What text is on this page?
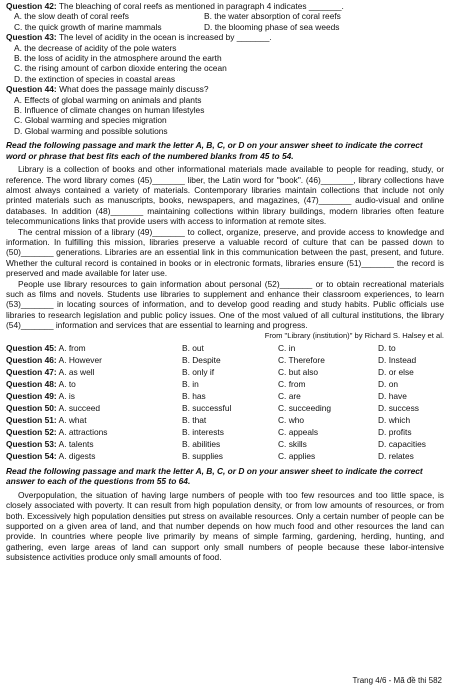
Question 42: The bleaching of coral reefs as mentioned in paragraph 4 indicates _______.
A. the slow death of coral reefs	B. the water absorption of coral reefs
C. the quick growth of marine mammals	D. the blooming phase of sea weeds
Question 43: The level of acidity in the ocean is increased by _______.
A. the decrease of acidity of the pole waters
B. the loss of acidity in the atmosphere around the earth
C. the rising amount of carbon dioxide entering the ocean
D. the extinction of species in coastal areas
Question 44: What does the passage mainly discuss?
A. Effects of global warming on animals and plants
B. Influence of climate changes on human lifestyles
C. Global warming and species migration
D. Global warming and possible solutions
Read the following passage and mark the letter A, B, C, or D on your answer sheet to indicate the correct word or phrase that best fits each of the numbered blanks from 45 to 54.

Library is a collection of books and other informational materials made available to people for reading, study, or reference. The word library comes (45)_______ liber, the Latin word for "book". (46)_______, library collections have almost always contained a variety of materials. Contemporary libraries maintain collections that include not only printed materials such as manuscripts, books, newspapers, and magazines, (47)_______ audio-visual and online databases. In addition (48)_______ maintaining collections within library buildings, modern libraries often feature telecommunications links that provide users with access to information at remote sites.

The central mission of a library (49)_______ to collect, organize, preserve, and provide access to knowledge and information. In fulfilling this mission, libraries preserve a valuable record of culture that can be passed down to (50)_______ generations. Libraries are an essential link in this communication between the past, present, and future. Whether the cultural record is contained in books or in electronic formats, libraries ensure (51)_______ the record is preserved and made available for later use.

People use library resources to gain information about personal (52)_______ or to obtain recreational materials such as films and novels. Students use libraries to supplement and enhance their classroom experiences, to learn (53)_______ in locating sources of information, and to develop good reading and study habits. Public officials use libraries to research legislation and public policy issues. One of the most valued of all cultural institutions, the library (54)_______ information and services that are essential to learning and progress.

From "Library (institution)" by Richard S. Halsey et al.
Question 45: A. from	B. out	C. in	D. to
Question 46: A. However	B. Despite	C. Therefore	D. Instead
Question 47: A. as well	B. only if	C. but also	D. or else
Question 48: A. to	B. in	C. from	D. on
Question 49: A. is	B. has	C. are	D. have
Question 50: A. succeed	B. successful	C. succeeding	D. success
Question 51: A. what	B. that	C. who	D. which
Question 52: A. attractions	B. interests	C. appeals	D. profits
Question 53: A. talents	B. abilities	C. skills	D. capacities
Question 54: A. digests	B. supplies	C. applies	D. relates
Read the following passage and mark the letter A, B, C, or D on your answer sheet to indicate the correct answer to each of the questions from 55 to 64.

Overpopulation, the situation of having large numbers of people with too few resources and too little space, is closely associated with poverty. It can result from high population density, or from low amounts of resources, or from both. Excessively high population densities put stress on available resources. Only a certain number of people can be supported on a given area of land, and that number depends on how much food and other resources the land can provide. In countries where people live primarily by means of simple farming, gardening, herding, hunting, and gathering, even large areas of land can support only small numbers of people because these labor-intensive subsistence activities produce only small amounts of food.

Trang 4/6 - Mã đề thi 582
